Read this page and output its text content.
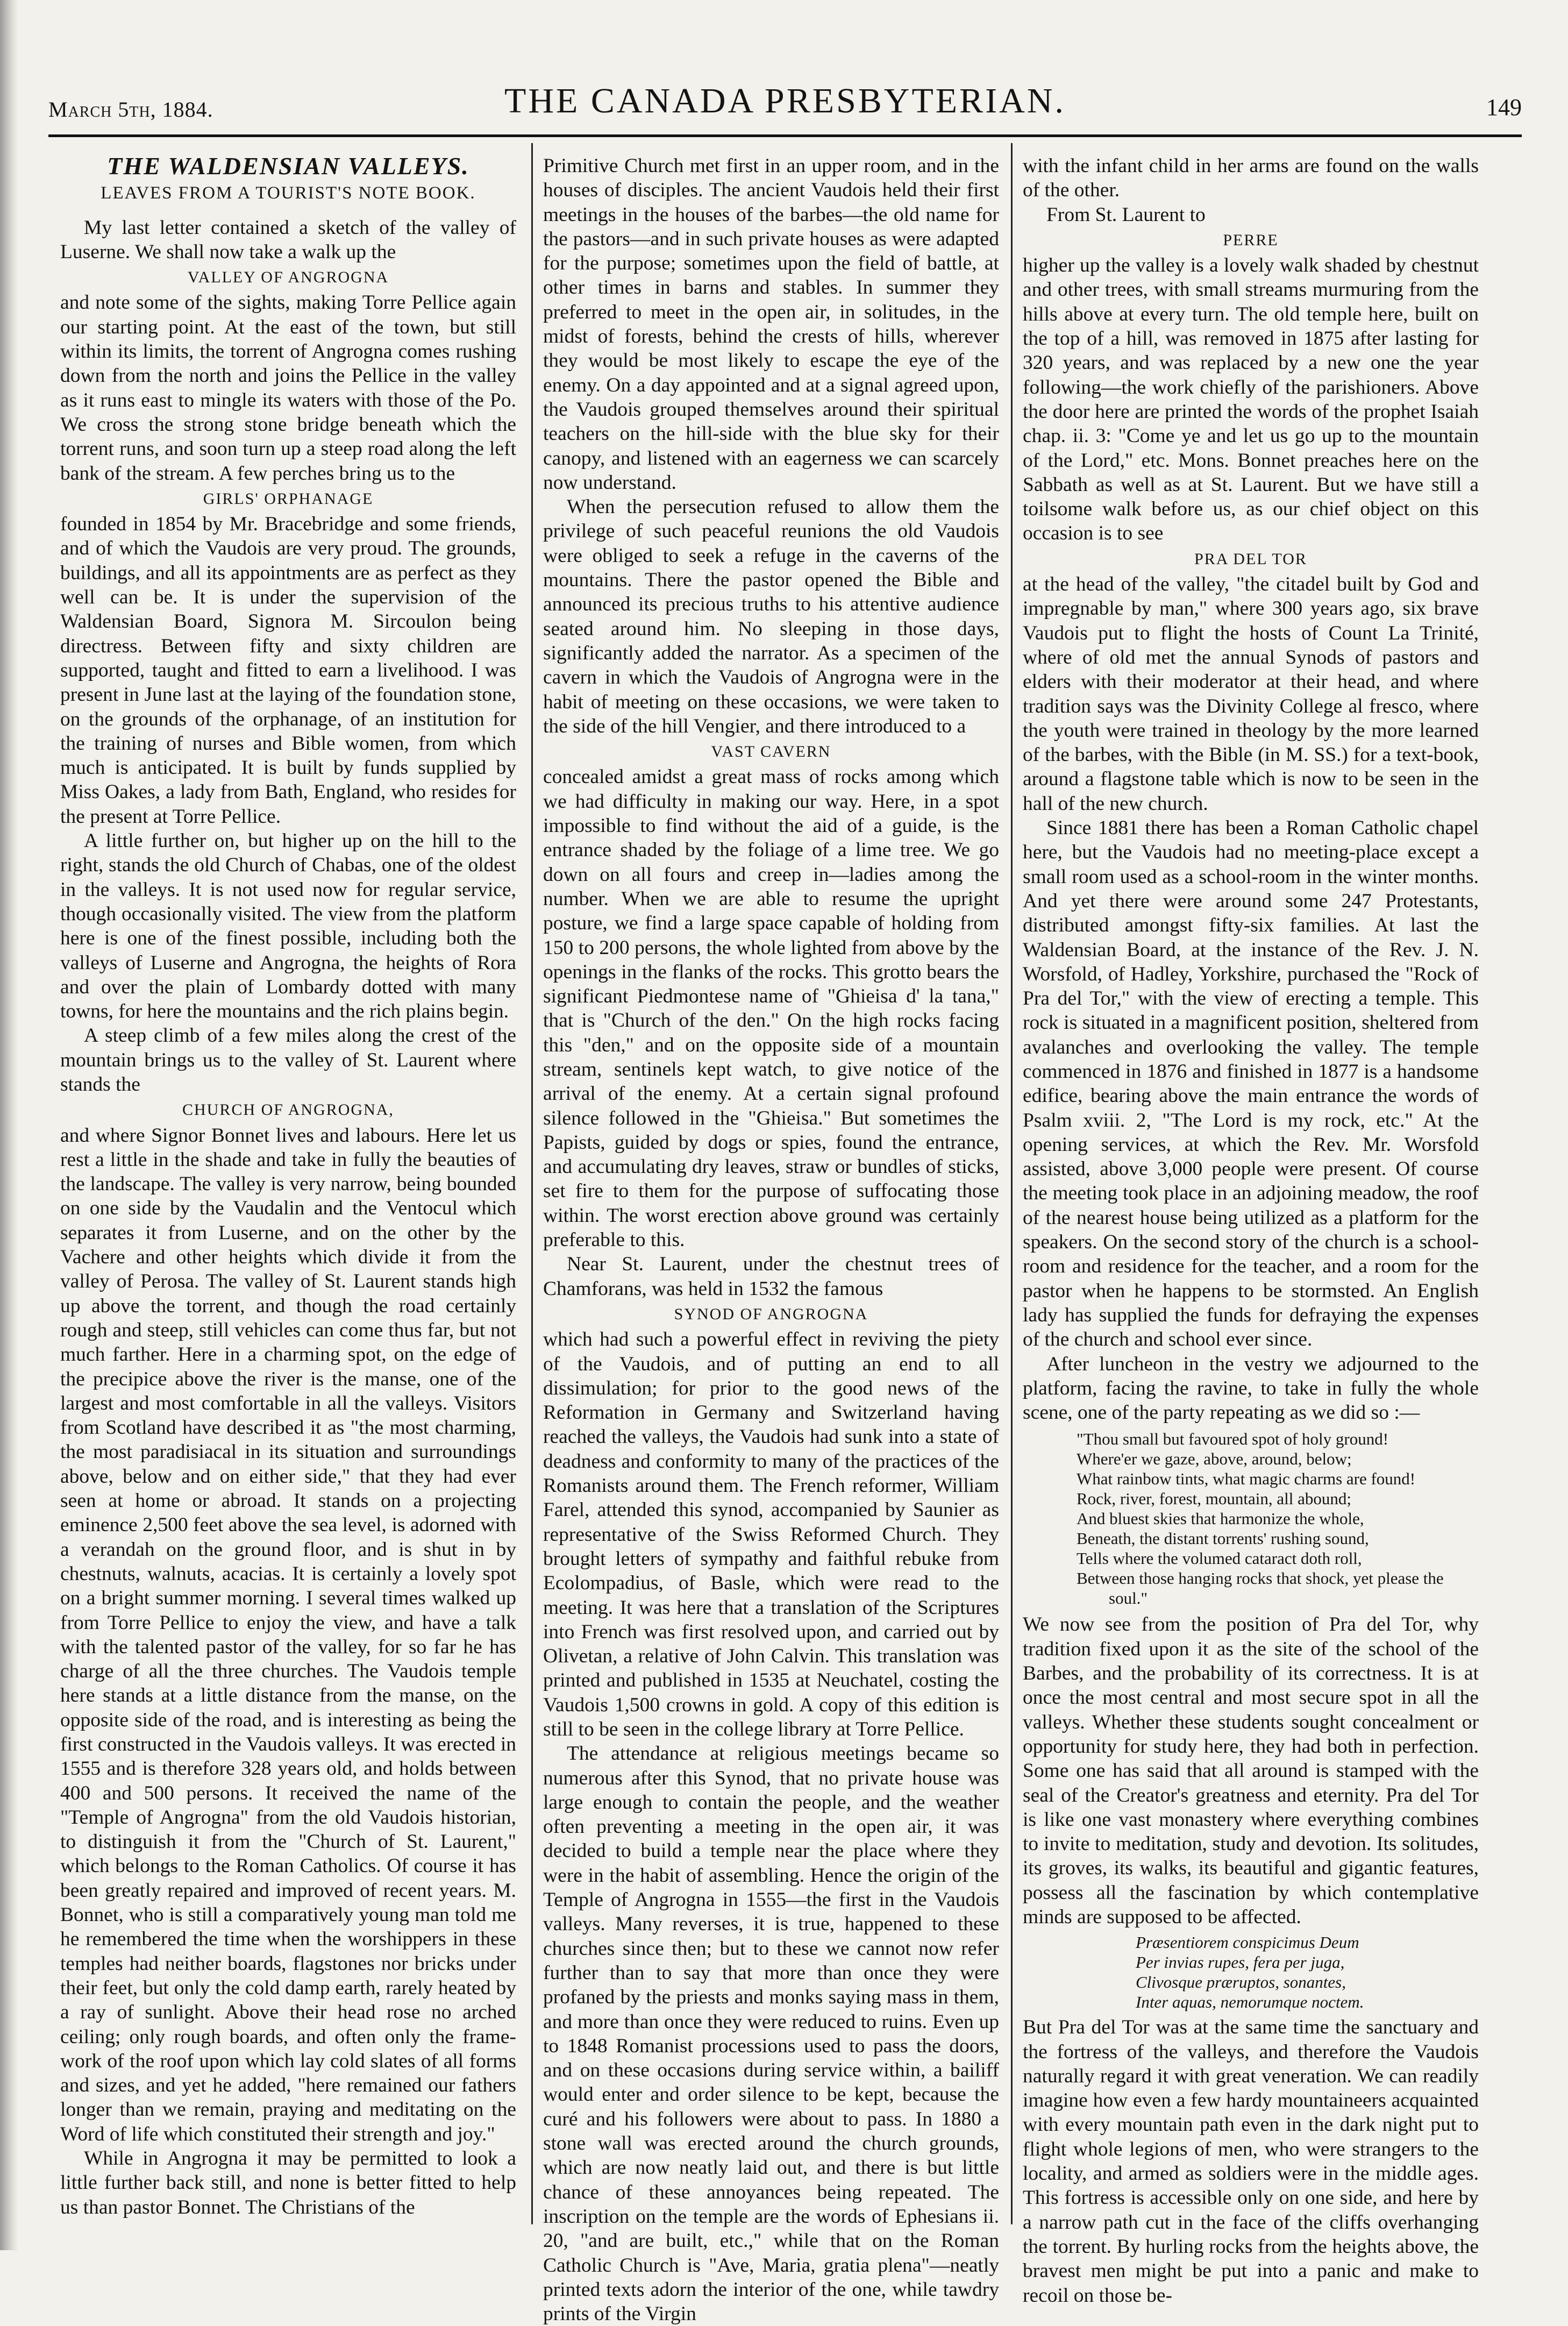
March 5th, 1884.	THE CANADA PRESBYTERIAN.	149
THE WALDENSIAN VALLEYS.
LEAVES FROM A TOURIST'S NOTE BOOK.

My last letter contained a sketch of the valley of Luserne. We shall now take a walk up the

VALLEY OF ANGROGNA

and note some of the sights, making Torre Pellice again our starting point. At the east of the town, but still within its limits, the torrent of Angrogna comes rushing down from the north and joins the Pellice in the valley as it runs east to mingle its waters with those of the Po. We cross the strong stone bridge beneath which the torrent runs, and soon turn up a steep road along the left bank of the stream. A few perches bring us to the

GIRLS' ORPHANAGE

founded in 1854 by Mr. Bracebridge and some friends, and of which the Vaudois are very proud. The grounds, buildings, and all its appointments are as perfect as they well can be. It is under the supervision of the Waldensian Board, Signora M. Sircoulon being directress. Between fifty and sixty children are supported, taught and fitted to earn a livelihood. I was present in June last at the laying of the foundation stone, on the grounds of the orphanage, of an institution for the training of nurses and Bible women, from which much is anticipated. It is built by funds supplied by Miss Oakes, a lady from Bath, England, who resides for the present at Torre Pellice.

A little further on, but higher up on the hill to the right, stands the old Church of Chabas, one of the oldest in the valleys. It is not used now for regular service, though occasionally visited. The view from the platform here is one of the finest possible, including both the valleys of Luserne and Angrogna, the heights of Rora and over the plain of Lombardy dotted with many towns, for here the mountains and the rich plains begin.

A steep climb of a few miles along the crest of the mountain brings us to the valley of St. Laurent where stands the

CHURCH OF ANGROGNA,

and where Signor Bonnet lives and labours. Here let us rest a little in the shade and take in fully the beauties of the landscape. The valley is very narrow, being bounded on one side by the Vaudalin and the Ventocul which separates it from Luserne, and on the other by the Vachere and other heights which divide it from the valley of Perosa. The valley of St. Laurent stands high up above the torrent, and though the road certainly rough and steep, still vehicles can come thus far, but not much farther. Here in a charming spot, on the edge of the precipice above the river is the manse, one of the largest and most comfortable in all the valleys. Visitors from Scotland have described it as "the most charming, the most paradisiacal in its situation and surroundings above, below and on either side," that they had ever seen at home or abroad. It stands on a projecting eminence 2,500 feet above the sea level, is adorned with a verandah on the ground floor, and is shut in by chestnuts, walnuts, acacias. It is certainly a lovely spot on a bright summer morning. I several times walked up from Torre Pellice to enjoy the view, and have a talk with the talented pastor of the valley, for so far he has charge of all the three churches. The Vaudois temple here stands at a little distance from the manse, on the opposite side of the road, and is interesting as being the first constructed in the Vaudois valleys. It was erected in 1555 and is therefore 328 years old, and holds between 400 and 500 persons. It received the name of the "Temple of Angrogna" from the old Vaudois historian, to distinguish it from the "Church of St. Laurent," which belongs to the Roman Catholics. Of course it has been greatly repaired and improved of recent years. M. Bonnet, who is still a comparatively young man told me he remembered the time when the worshippers in these temples had neither boards, flagstones nor bricks under their feet, but only the cold damp earth, rarely heated by a ray of sunlight. Above their head rose no arched ceiling; only rough boards, and often only the frame-work of the roof upon which lay cold slates of all forms and sizes, and yet he added, "here remained our fathers longer than we remain, praying and meditating on the Word of life which constituted their strength and joy."

While in Angrogna it may be permitted to look a little further back still, and none is better fitted to help us than pastor Bonnet. The Christians of the

Primitive Church met first in an upper room, and in the houses of disciples. The ancient Vaudois held their first meetings in the houses of the barbes—the old name for the pastors—and in such private houses as were adapted for the purpose; sometimes upon the field of battle, at other times in barns and stables. In summer they preferred to meet in the open air, in solitudes, in the midst of forests, behind the crests of hills, wherever they would be most likely to escape the eye of the enemy. On a day appointed and at a signal agreed upon, the Vaudois grouped themselves around their spiritual teachers on the hill-side with the blue sky for their canopy, and listened with an eagerness we can scarcely now understand.

When the persecution refused to allow them the privilege of such peaceful reunions the old Vaudois were obliged to seek a refuge in the caverns of the mountains. There the pastor opened the Bible and announced its precious truths to his attentive audience seated around him. No sleeping in those days, significantly added the narrator. As a specimen of the cavern in which the Vaudois of Angrogna were in the habit of meeting on these occasions, we were taken to the side of the hill Vengier, and there introduced to a

VAST CAVERN

concealed amidst a great mass of rocks among which we had difficulty in making our way. Here, in a spot impossible to find without the aid of a guide, is the entrance shaded by the foliage of a lime tree. We go down on all fours and creep in—ladies among the number. When we are able to resume the upright posture, we find a large space capable of holding from 150 to 200 persons, the whole lighted from above by the openings in the flanks of the rocks. This grotto bears the significant Piedmontese name of "Ghieisa d' la tana," that is "Church of the den." On the high rocks facing this "den," and on the opposite side of a mountain stream, sentinels kept watch, to give notice of the arrival of the enemy. At a certain signal profound silence followed in the "Ghieisa." But sometimes the Papists, guided by dogs or spies, found the entrance, and accumulating dry leaves, straw or bundles of sticks, set fire to them for the purpose of suffocating those within. The worst erection above ground was certainly preferable to this.

Near St. Laurent, under the chestnut trees of Chamforans, was held in 1532 the famous

SYNOD OF ANGROGNA

which had such a powerful effect in reviving the piety of the Vaudois, and of putting an end to all dissimulation; for prior to the good news of the Reformation in Germany and Switzerland having reached the valleys, the Vaudois had sunk into a state of deadness and conformity to many of the practices of the Romanists around them. The French reformer, William Farel, attended this synod, accompanied by Saunier as representative of the Swiss Reformed Church. They brought letters of sympathy and faithful rebuke from Ecolompadius, of Basle, which were read to the meeting. It was here that a translation of the Scriptures into French was first resolved upon, and carried out by Olivetan, a relative of John Calvin. This translation was printed and published in 1535 at Neuchatel, costing the Vaudois 1,500 crowns in gold. A copy of this edition is still to be seen in the college library at Torre Pellice.

The attendance at religious meetings became so numerous after this Synod, that no private house was large enough to contain the people, and the weather often preventing a meeting in the open air, it was decided to build a temple near the place where they were in the habit of assembling. Hence the origin of the Temple of Angrogna in 1555—the first in the Vaudois valleys. Many reverses, it is true, happened to these churches since then; but to these we cannot now refer further than to say that more than once they were profaned by the priests and monks saying mass in them, and more than once they were reduced to ruins. Even up to 1848 Romanist processions used to pass the doors, and on these occasions during service within, a bailiff would enter and order silence to be kept, because the curé and his followers were about to pass. In 1880 a stone wall was erected around the church grounds, which are now neatly laid out, and there is but little chance of these annoyances being repeated. The inscription on the temple are the words of Ephesians ii. 20, "and are built, etc.," while that on the Roman Catholic Church is "Ave, Maria, gratia plena"—neatly printed texts adorn the interior of the one, while tawdry prints of the Virgin

with the infant child in her arms are found on the walls of the other.

From St. Laurent to

PERRE

higher up the valley is a lovely walk shaded by chestnut and other trees, with small streams murmuring from the hills above at every turn. The old temple here, built on the top of a hill, was removed in 1875 after lasting for 320 years, and was replaced by a new one the year following—the work chiefly of the parishioners. Above the door here are printed the words of the prophet Isaiah chap. ii. 3: "Come ye and let us go up to the mountain of the Lord," etc. Mons. Bonnet preaches here on the Sabbath as well as at St. Laurent. But we have still a toilsome walk before us, as our chief object on this occasion is to see

PRA DEL TOR

at the head of the valley, "the citadel built by God and impregnable by man," where 300 years ago, six brave Vaudois put to flight the hosts of Count La Trinité, where of old met the annual Synods of pastors and elders with their moderator at their head, and where tradition says was the Divinity College al fresco, where the youth were trained in theology by the more learned of the barbes, with the Bible (in M. SS.) for a text-book, around a flagstone table which is now to be seen in the hall of the new church.

Since 1881 there has been a Roman Catholic chapel here, but the Vaudois had no meeting-place except a small room used as a school-room in the winter months. And yet there were around some 247 Protestants, distributed amongst fifty-six families. At last the Waldensian Board, at the instance of the Rev. J. N. Worsfold, of Hadley, Yorkshire, purchased the "Rock of Pra del Tor," with the view of erecting a temple. This rock is situated in a magnificent position, sheltered from avalanches and overlooking the valley. The temple commenced in 1876 and finished in 1877 is a handsome edifice, bearing above the main entrance the words of Psalm xviii. 2, "The Lord is my rock, etc." At the opening services, at which the Rev. Mr. Worsfold assisted, above 3,000 people were present. Of course the meeting took place in an adjoining meadow, the roof of the nearest house being utilized as a platform for the speakers. On the second story of the church is a school-room and residence for the teacher, and a room for the pastor when he happens to be stormsted. An English lady has supplied the funds for defraying the expenses of the church and school ever since.

After luncheon in the vestry we adjourned to the platform, facing the ravine, to take in fully the whole scene, one of the party repeating as we did so :—

"Thou small but favoured spot of holy ground!
Where'er we gaze, above, around, below;
What rainbow tints, what magic charms are found!
Rock, river, forest, mountain, all abound;
And bluest skies that harmonize the whole,
Beneath, the distant torrents' rushing sound,
Tells where the volumed cataract doth roll,
Between those hanging rocks that shock, yet please the
soul."

We now see from the position of Pra del Tor, why tradition fixed upon it as the site of the school of the Barbes, and the probability of its correctness. It is at once the most central and most secure spot in all the valleys. Whether these students sought concealment or opportunity for study here, they had both in perfection. Some one has said that all around is stamped with the seal of the Creator's greatness and eternity. Pra del Tor is like one vast monastery where everything combines to invite to meditation, study and devotion. Its solitudes, its groves, its walks, its beautiful and gigantic features, possess all the fascination by which contemplative minds are supposed to be affected.

Præsentiorem conspicimus Deum
Per invias rupes, fera per juga,
Clivosque præruptos, sonantes,
Inter aquas, nemorumque noctem.

But Pra del Tor was at the same time the sanctuary and the fortress of the valleys, and therefore the Vaudois naturally regard it with great veneration. We can readily imagine how even a few hardy mountaineers acquainted with every mountain path even in the dark night put to flight whole legions of men, who were strangers to the locality, and armed as soldiers were in the middle ages. This fortress is accessible only on one side, and here by a narrow path cut in the face of the cliffs overhanging the torrent. By hurling rocks from the heights above, the bravest men might be put into a panic and make to recoil on those be-
